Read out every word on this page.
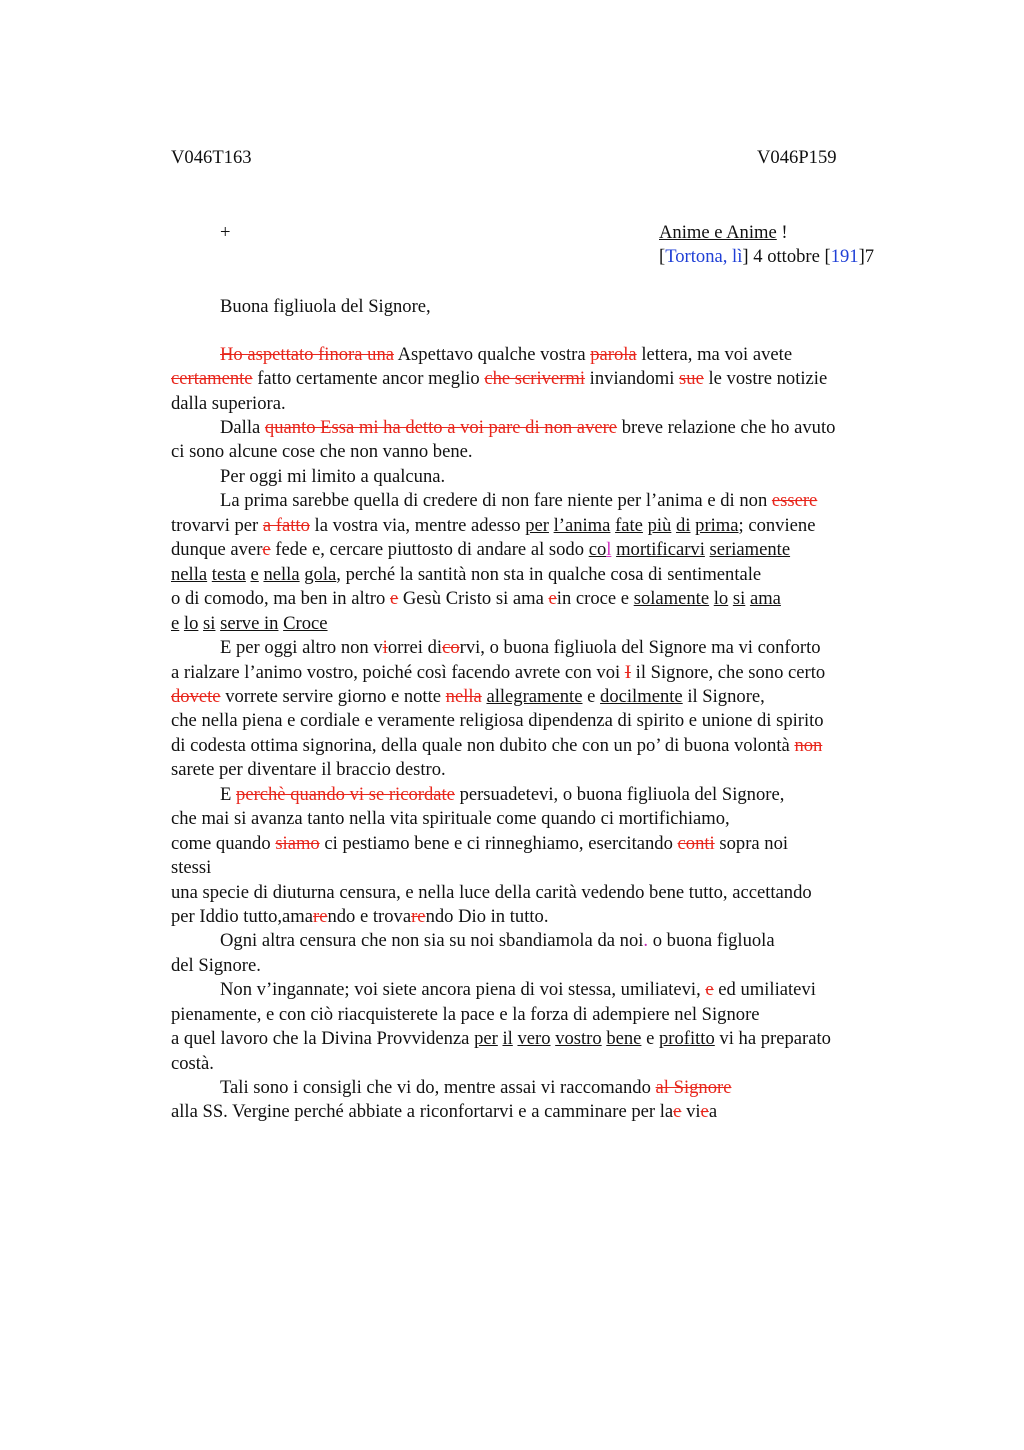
V046T163	V046P159
+	Anime e Anime !
[Tortona, lì] 4 ottobre [191]7
Buona figliuola del Signore,
Ho aspettato finora una Aspettavo qualche vostra parola lettera, ma voi avete
certamente fatto certamente ancor meglio che scrivermi inviandomi sue le vostre notizie
dalla superiora.
Dalla quanto Essa mi ha detto a voi pare di non avere breve relazione che ho avuto
ci sono alcune cose che non vanno bene.
Per oggi mi limito a qualcuna.
La prima sarebbe quella di credere di non fare niente per l’anima e di non essere
trovarvi per a fatto la vostra via, mentre adesso per l’anima fate più di prima; conviene
dunque avere fede e, cercare piuttosto di andare al sodo col mortificarvi seriamente
nella testa e nella gola, perché la santità non sta in qualche cosa di sentimentale
o di comodo, ma ben in altro e Gesù Cristo si ama ein croce e solamente lo si ama
e lo si serve in Croce
E per oggi altro non viorrei dicorvi, o buona figliuola del Signore ma vi conforto
a rialzare l’animo vostro, poiché così facendo avrete con voi I il Signore, che sono certo
dovete vorrete servire giorno e notte nella allegramente e docilmente il Signore,
che nella piena e cordiale e veramente religiosa dipendenza di spirito e unione di spirito
di codesta ottima signorina, della quale non dubito che con un po’ di buona volontà non
sarete per diventare il braccio destro.
E perchè quando vi se ricordate persuadetevi, o buona figliuola del Signore,
che mai si avanza tanto nella vita spirituale come quando ci mortifichiamo,
come quando siamo ci pestiamo bene e ci rinneghiamo, esercitando conti sopra noi
stessi
una specie di diuturna censura, e nella luce della carità vedendo bene tutto, accettando
per Iddio tutto,amarendo e trovarendo Dio in tutto.
Ogni altra censura che non sia su noi sbandiamola da noi. o buona figluola
del Signore.
Non v’ingannate; voi siete ancora piena di voi stessa, umiliatevi, e ed umiliatevi
pienamente, e con ciò riacquisterete la pace e la forza di adempiere nel Signore
a quel lavoro che la Divina Provvidenza per il vero vostro bene e profitto vi ha preparato
costà.
Tali sono i consigli che vi do, mentre assai vi raccomando al Signore
alla SS. Vergine perché abbiate a riconfortarvi e a camminare per lae viea
